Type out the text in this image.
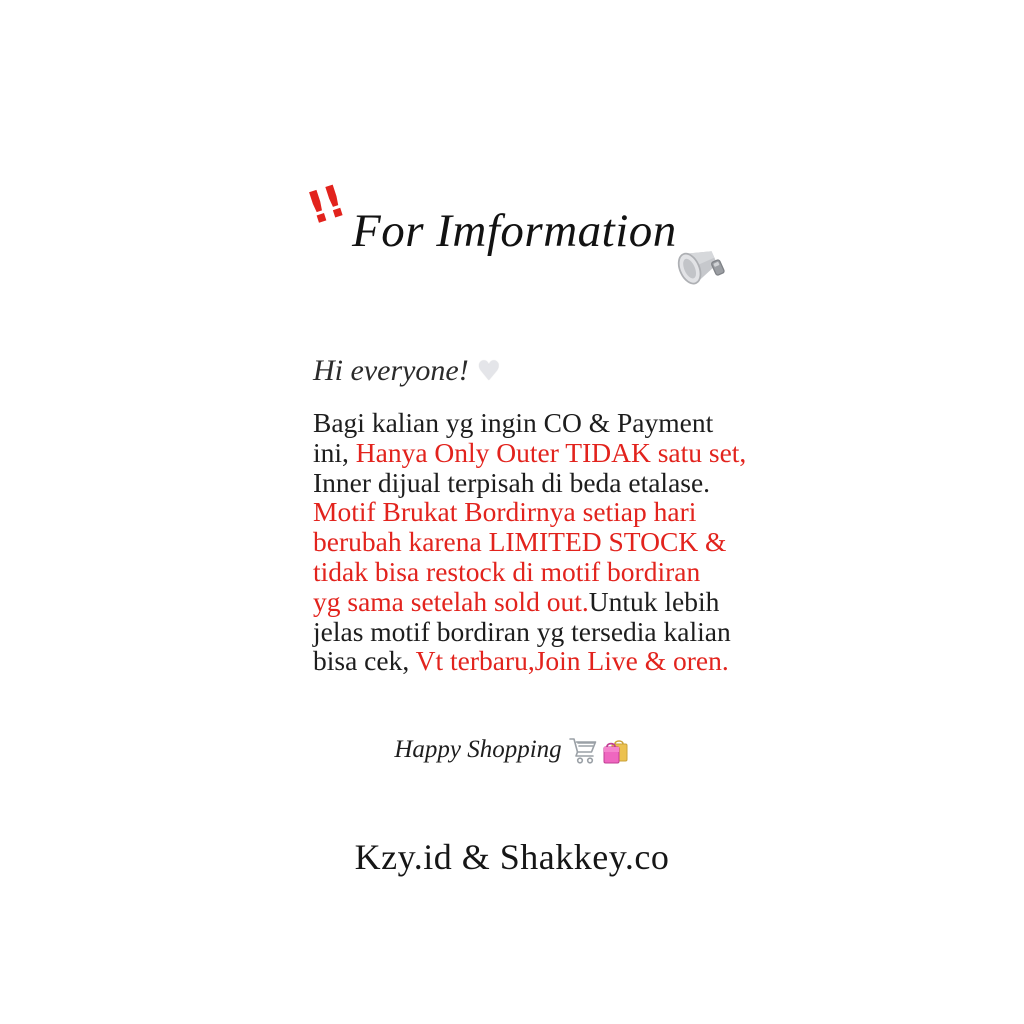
!! For Imformation
Hi everyone! ♥
Bagi kalian yg ingin CO & Payment
ini, Hanya Only Outer TIDAK satu set,
Inner dijual terpisah di beda etalase.
Motif Brukat Bordirnya setiap hari
berubah karena LIMITED STOCK &
tidak bisa restock di motif bordiran
yg sama setelah sold out.Untuk lebih
jelas motif bordiran yg tersedia kalian
bisa cek, Vt terbaru,Join Live & oren.
Happy Shopping
Kzy.id & Shakkey.co
